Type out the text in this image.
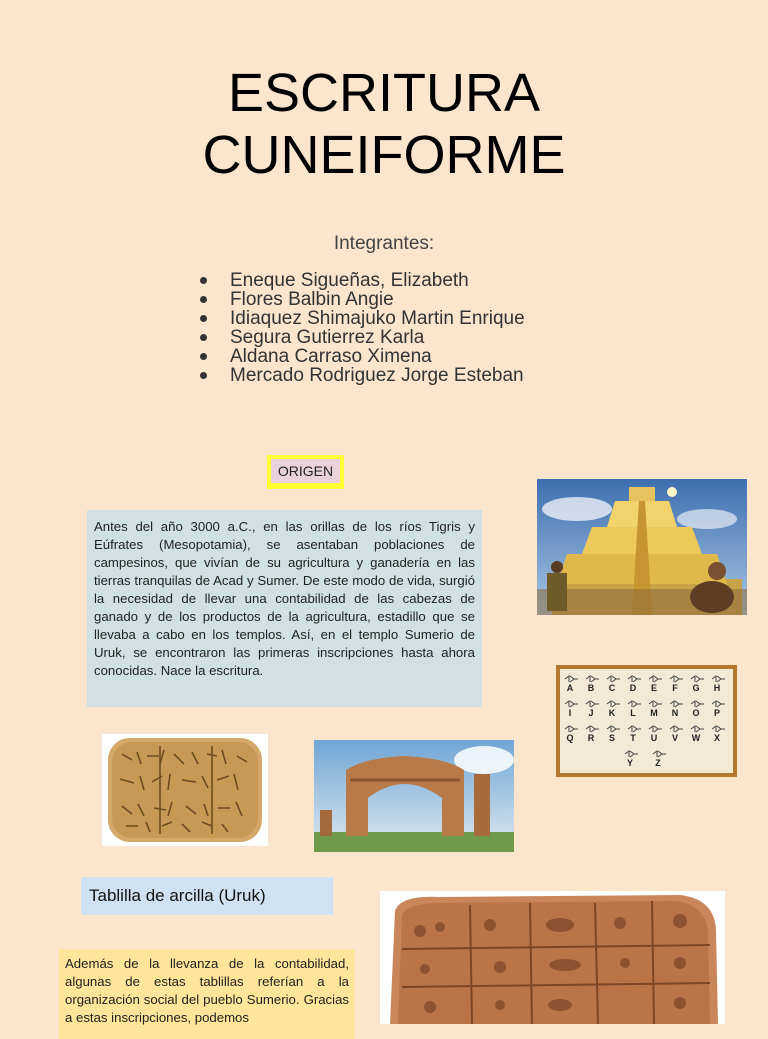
ESCRITURA
CUNEIFORME
Integrantes:
Eneque Sigueñas, Elizabeth
Flores Balbin Angie
Idiaquez Shimajuko Martin Enrique
Segura Gutierrez Karla
Aldana Carraso Ximena
Mercado Rodriguez Jorge Esteban
ORIGEN
Antes del año 3000 a.C., en las orillas de los ríos Tigris y Eúfrates (Mesopotamia), se asentaban poblaciones de campesinos, que vivían de su agricultura y ganadería en las tierras tranquilas de Acad y Sumer. De este modo de vida, surgió la necesidad de llevar una contabilidad de las cabezas de ganado y de los productos de la agricultura, estadillo que se llevaba a cabo en los templos. Así, en el templo Sumerio de Uruk, se encontraron las primeras inscripciones hasta ahora conocidas. Nace la escritura.
A B C D E F G H
I J K L M N O P
Q R S T U V W X
Y Z
Tablilla de arcilla (Uruk)
Además de la llevanza de la contabilidad, algunas de estas tablillas referían a la organización social del pueblo Sumerio. Gracias a estas inscripciones, podemos
